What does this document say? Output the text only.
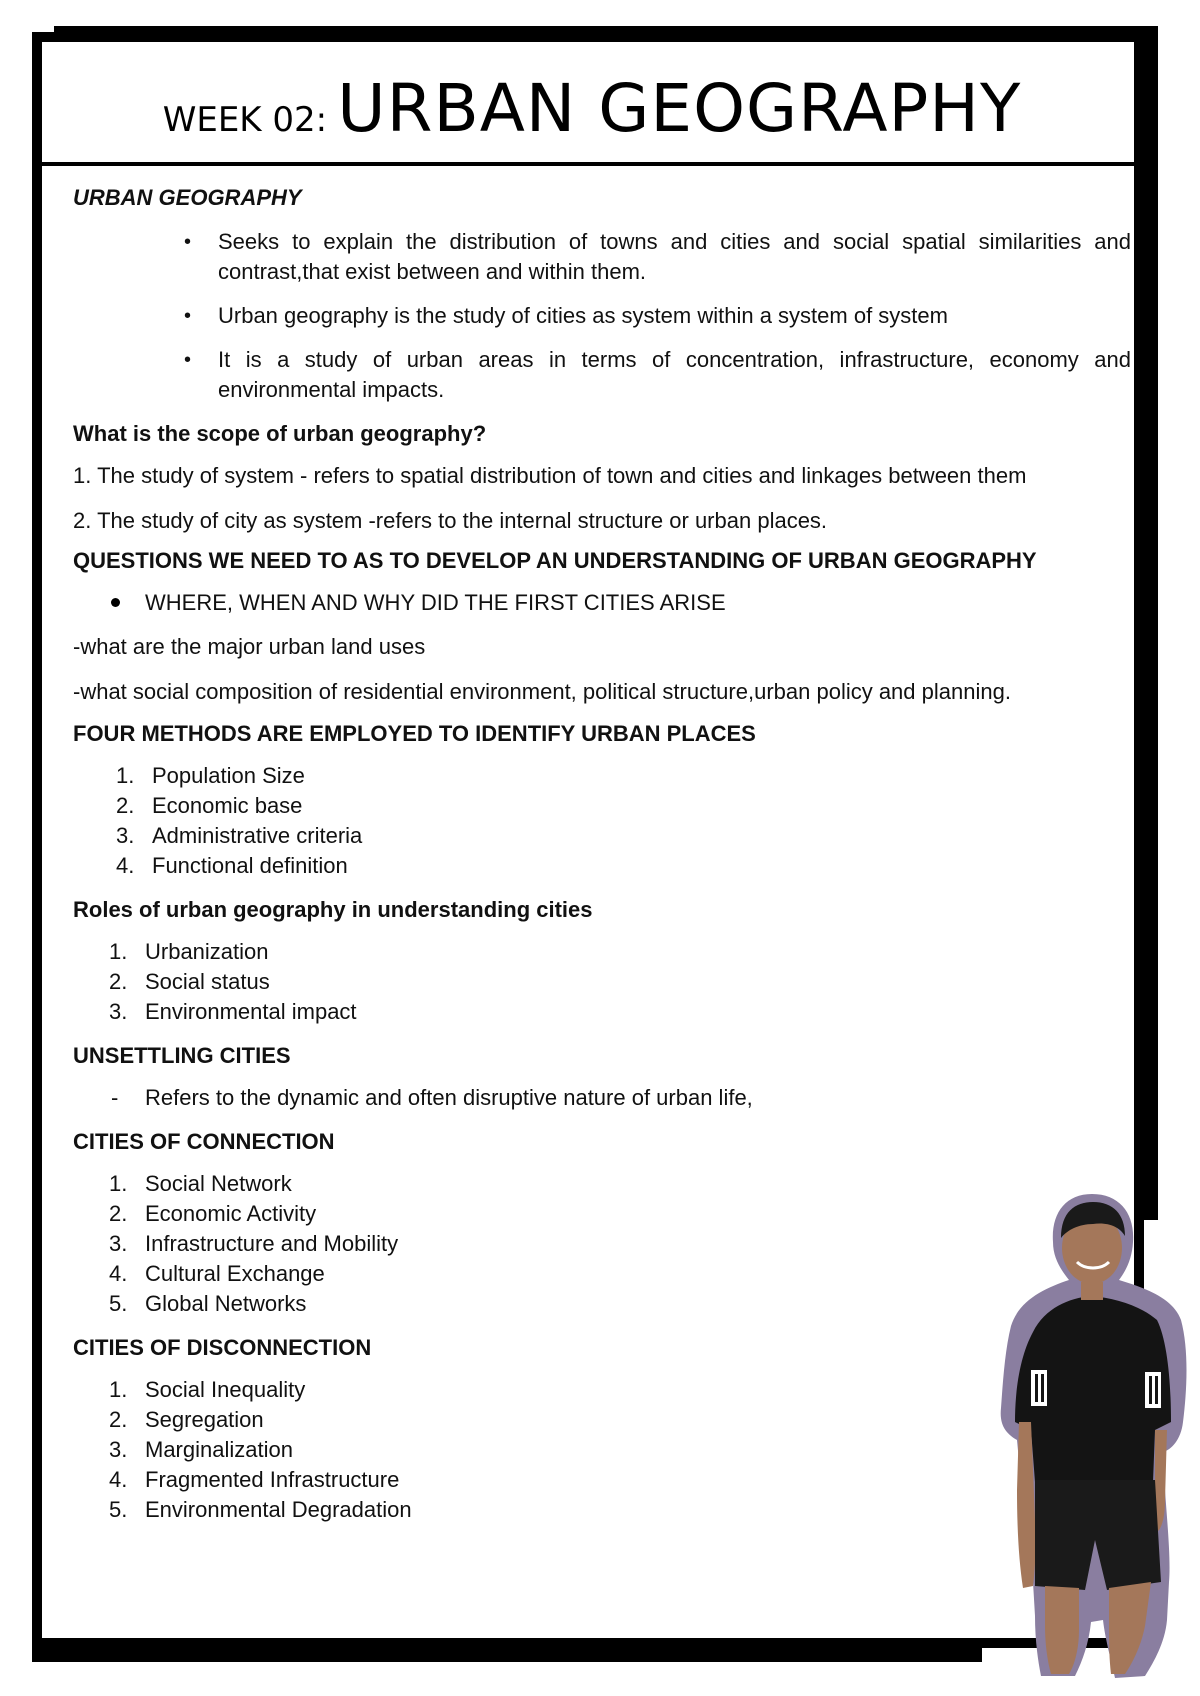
WEEK 02: URBAN GEOGRAPHY

URBAN GEOGRAPHY

• Seeks to explain the distribution of towns and cities and social spatial similarities and contrast,that exist between and within them.
• Urban geography is the study of cities as system within a system of system
• It is a study of urban areas in terms of concentration, infrastructure, economy and environmental impacts.

What is the scope of urban geography?

1. The study of system - refers to spatial distribution of town and cities and linkages between them

2. The study of city as system -refers to the internal structure or urban places.

QUESTIONS WE NEED TO AS TO DEVELOP AN UNDERSTANDING OF URBAN GEOGRAPHY

WHERE, WHEN AND WHY DID THE FIRST CITIES ARISE

-what are the major urban land uses

-what social composition of residential environment, political structure,urban policy and planning.

FOUR METHODS ARE EMPLOYED TO IDENTIFY URBAN PLACES

1. Population Size
2. Economic base
3. Administrative criteria
4. Functional definition

Roles of urban geography in understanding cities

1. Urbanization
2. Social status
3. Environmental impact

UNSETTLING CITIES

- Refers to the dynamic and often disruptive nature of urban life,

CITIES OF CONNECTION

1. Social Network
2. Economic Activity
3. Infrastructure and Mobility
4. Cultural Exchange
5. Global Networks

CITIES OF DISCONNECTION

1. Social Inequality
2. Segregation
3. Marginalization
4. Fragmented Infrastructure
5. Environmental Degradation
